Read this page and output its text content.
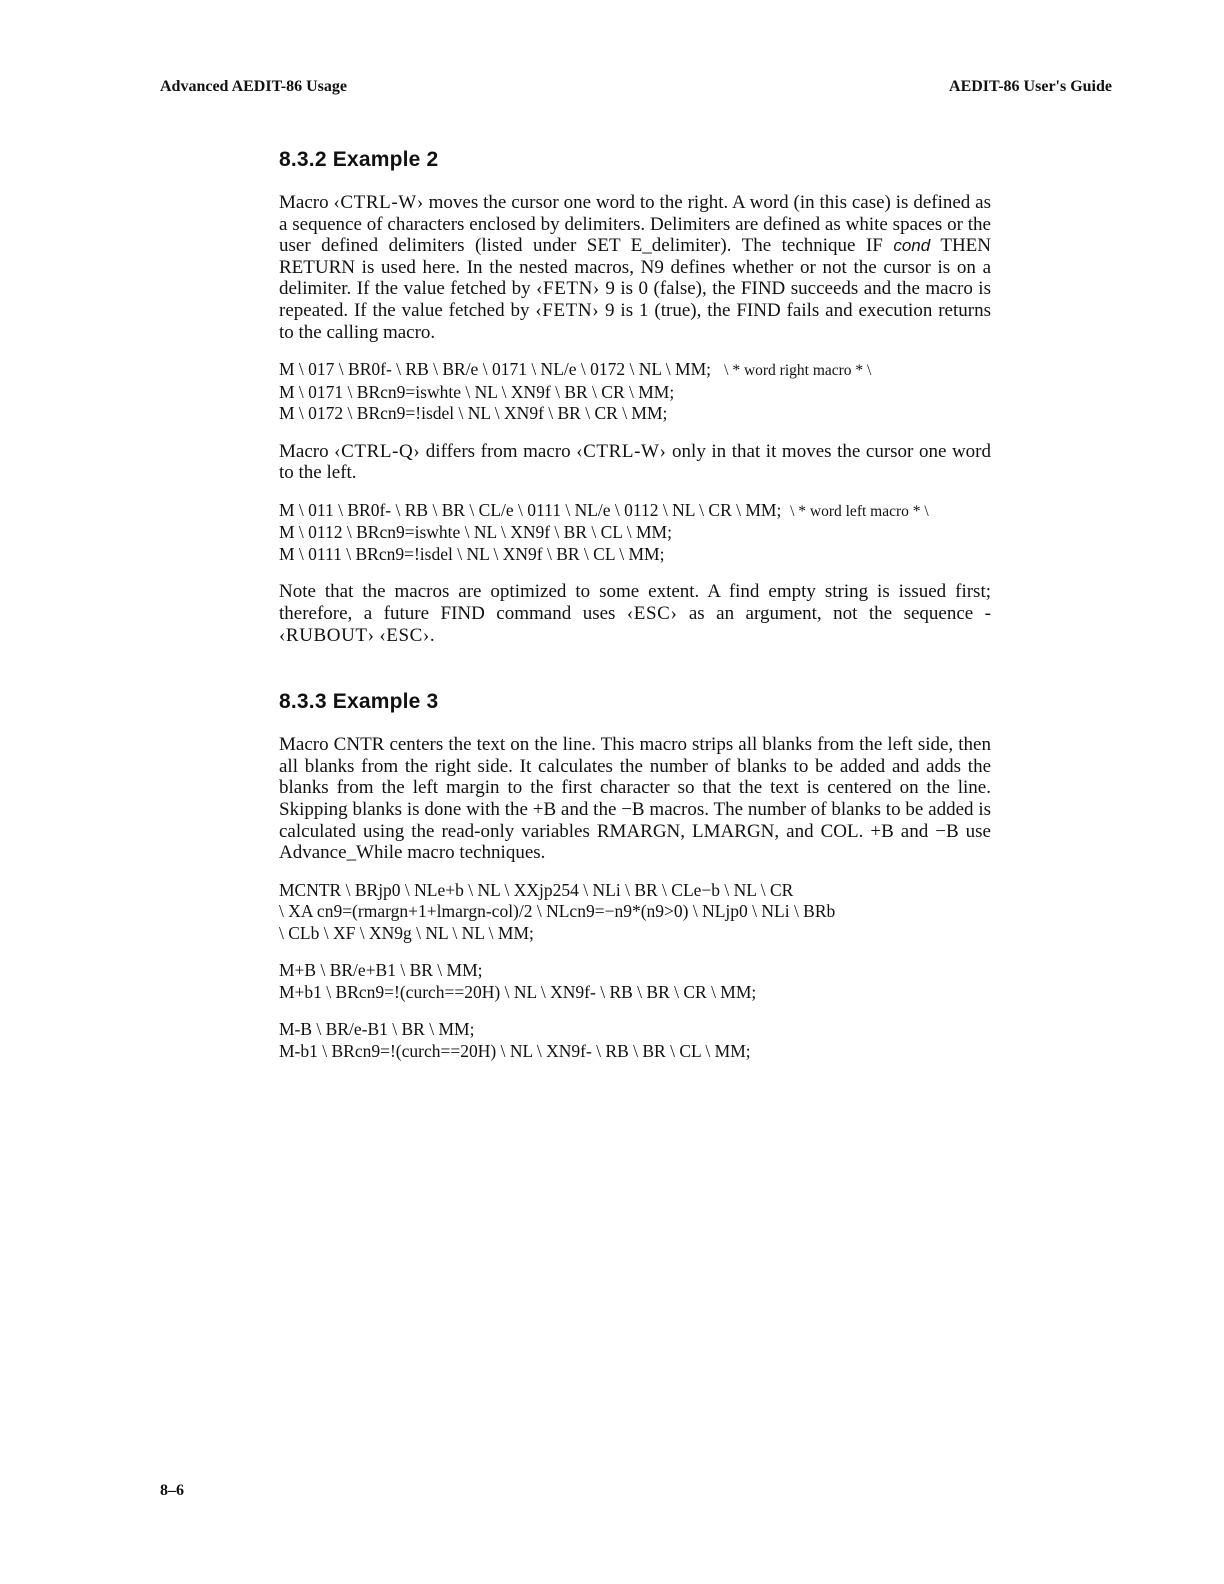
Advanced AEDIT-86 Usage	AEDIT-86 User's Guide
8.3.2 Example 2

Macro ‹CTRL-W› moves the cursor one word to the right. A word (in this case) is defined as a sequence of characters enclosed by delimiters. Delimiters are defined as white spaces or the user defined delimiters (listed under SET E_delimiter). The technique IF cond THEN RETURN is used here. In the nested macros, N9 defines whether or not the cursor is on a delimiter. If the value fetched by ‹FETN› 9 is 0 (false), the FIND succeeds and the macro is repeated. If the value fetched by ‹FETN› 9 is 1 (true), the FIND fails and execution returns to the calling macro.

M \ 017 \ BR0f- \ RB \ BR/e \ 0171 \ NL/e \ 0172 \ NL \ MM; \ * word right macro * \

M \ 0171 \ BRcn9=iswhte \ NL \ XN9f \ BR \ CR \ MM;

M \ 0172 \ BRcn9=!isdel \ NL \ XN9f \ BR \ CR \ MM;

Macro ‹CTRL-Q› differs from macro ‹CTRL-W› only in that it moves the cursor one word to the left.

M \ 011 \ BR0f- \ RB \ BR \ CL/e \ 0111 \ NL/e \ 0112 \ NL \ CR \ MM; \ * word left macro * \

M \ 0112 \ BRcn9=iswhte \ NL \ XN9f \ BR \ CL \ MM;

M \ 0111 \ BRcn9=!isdel \ NL \ XN9f \ BR \ CL \ MM;

Note that the macros are optimized to some extent. A find empty string is issued first; therefore, a future FIND command uses ‹ESC› as an argument, not the sequence - ‹RUBOUT› ‹ESC›.

8.3.3 Example 3

Macro CNTR centers the text on the line. This macro strips all blanks from the left side, then all blanks from the right side. It calculates the number of blanks to be added and adds the blanks from the left margin to the first character so that the text is centered on the line. Skipping blanks is done with the +B and the −B macros. The number of blanks to be added is calculated using the read-only variables RMARGN, LMARGN, and COL. +B and −B use Advance_While macro techniques.

MCNTR \ BRjp0 \ NLe+b \ NL \ XXjp254 \ NLi \ BR \ CLe−b \ NL \ CR

\ XA cn9=(rmargn+1+lmargn-col)/2 \ NLcn9=−n9*(n9>0) \ NLjp0 \ NLi \ BRb

\ CLb \ XF \ XN9g \ NL \ NL \ MM;

M+B \ BR/e+B1 \ BR \ MM;

M+b1 \ BRcn9=!(curch==20H) \ NL \ XN9f- \ RB \ BR \ CR \ MM;

M-B \ BR/e-B1 \ BR \ MM;

M-b1 \ BRcn9=!(curch==20H) \ NL \ XN9f- \ RB \ BR \ CL \ MM;

8–6
